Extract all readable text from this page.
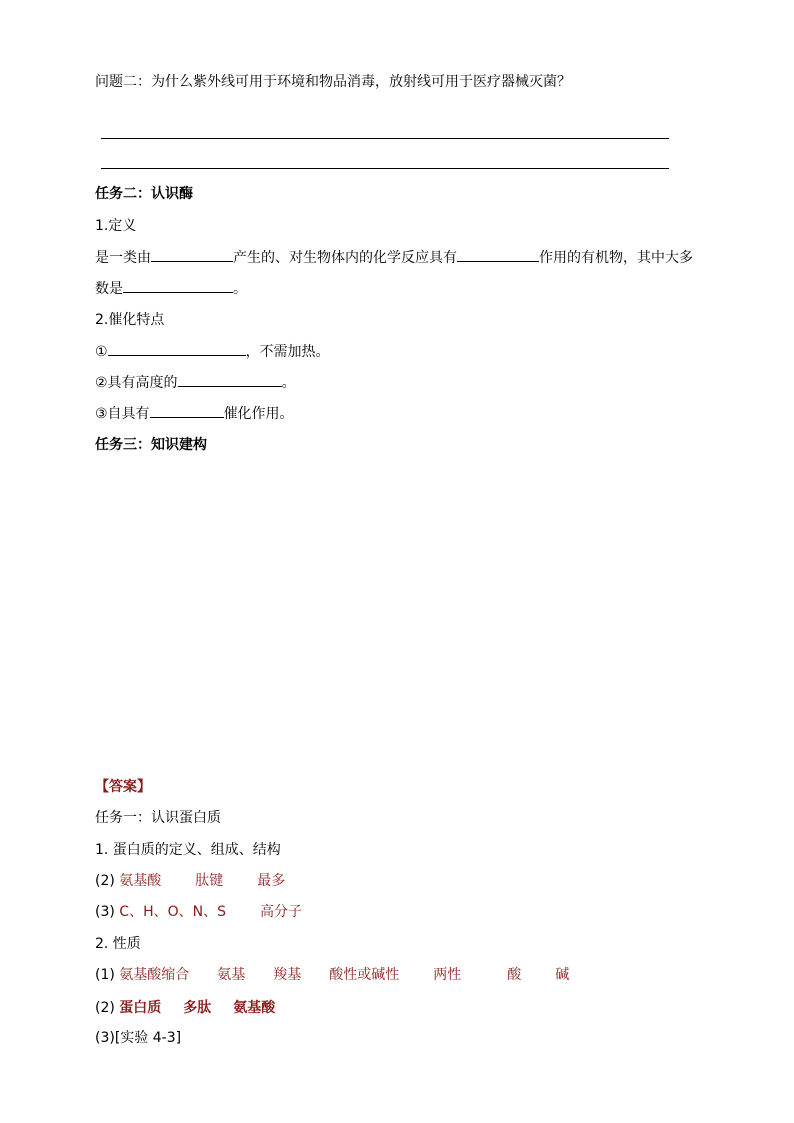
问题二：为什么紫外线可用于环境和物品消毒，放射线可用于医疗器械灭菌？
任务二：认识酶
1.定义
是一类由	产生的、对生物体内的化学反应具有	作用的有机物，其中大多
数是	。
2.催化特点
①	，不需加热。
②具有高度的	。
③自具有	催化作用。
任务三：知识建构
【答案】
任务一：认识蛋白质
1. 蛋白质的定义、组成、结构
(2) 氨基酸 肽键 最多
(3) C、H、O、N、S 高分子
2. 性质
(1) 氨基酸缩合 氨基 羧基 酸性或碱性 两性	酸 碱
(2) 蛋白质 多肽 氨基酸
(3)[实验 4-3]
